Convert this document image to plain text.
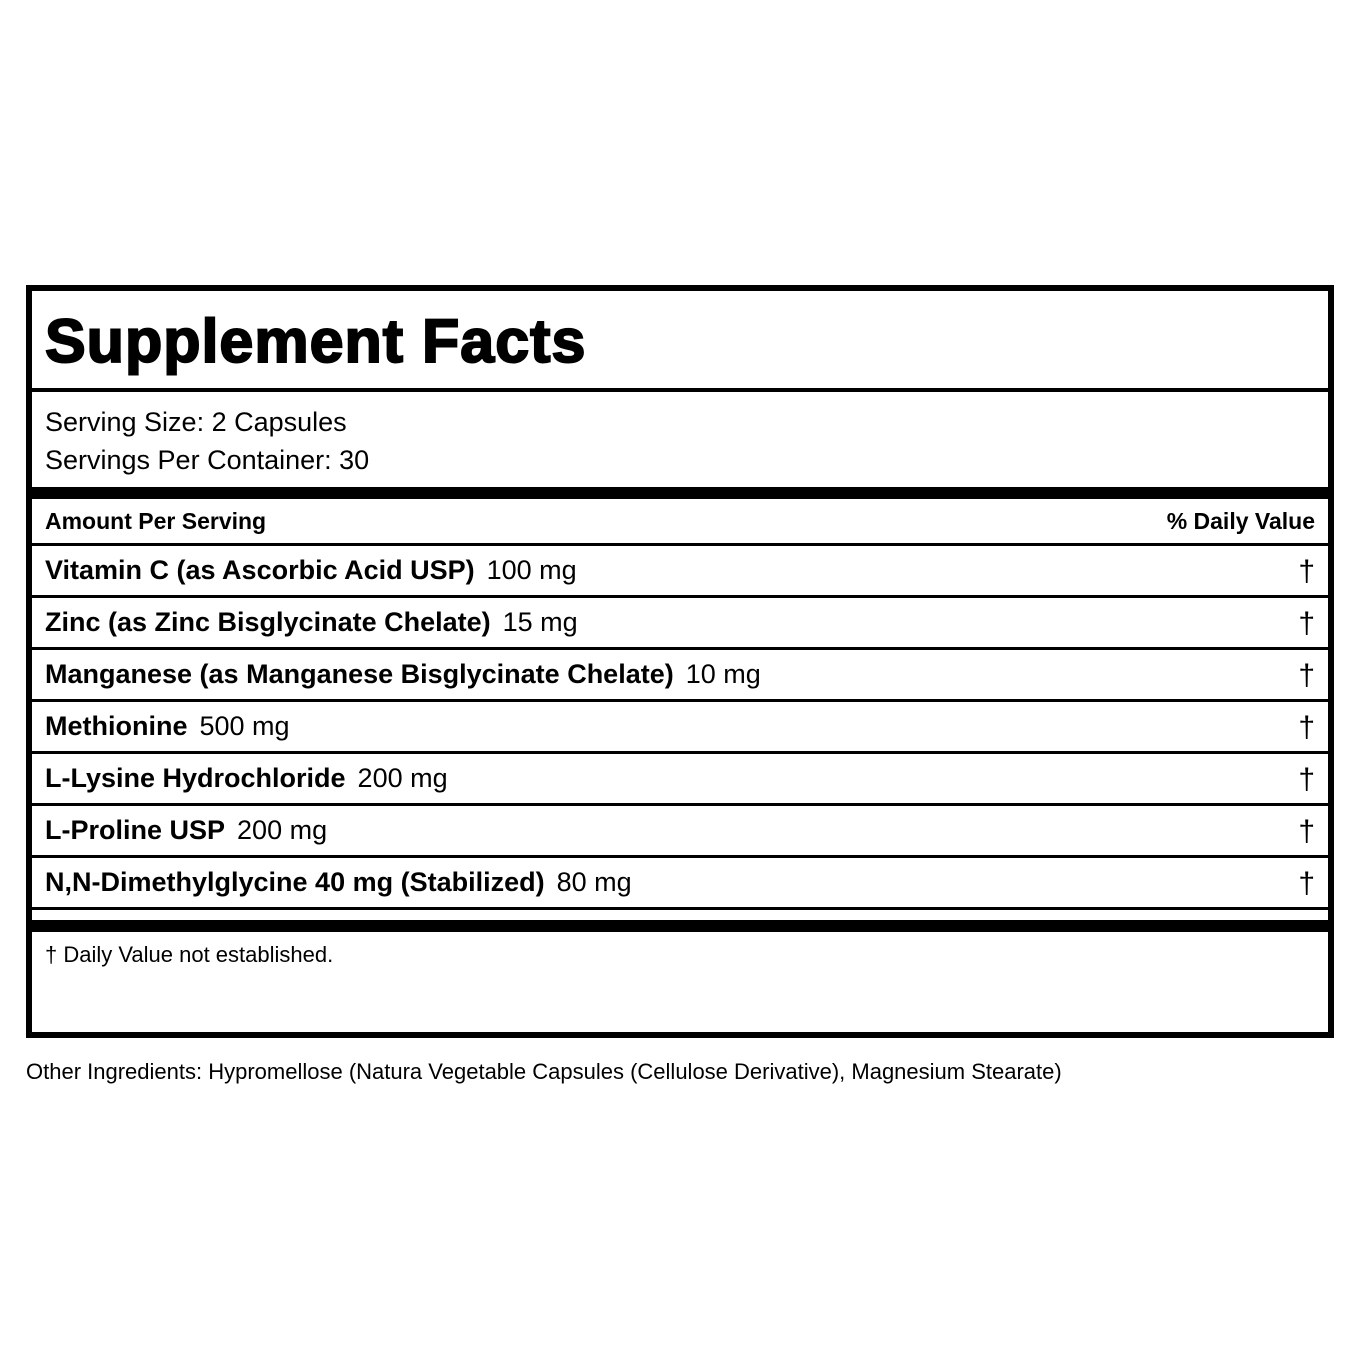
Supplement Facts
Serving Size: 2 Capsules
Servings Per Container: 30
Amount Per Serving	% Daily Value
Vitamin C (as Ascorbic Acid USP) 100 mg	†
Zinc (as Zinc Bisglycinate Chelate) 15 mg	†
Manganese (as Manganese Bisglycinate Chelate) 10 mg	†
Methionine 500 mg	†
L-Lysine Hydrochloride 200 mg	†
L-Proline USP 200 mg	†
N,N-Dimethylglycine 40 mg (Stabilized) 80 mg	†
† Daily Value not established.
Other Ingredients: Hypromellose (Natura Vegetable Capsules (Cellulose Derivative), Magnesium Stearate)
